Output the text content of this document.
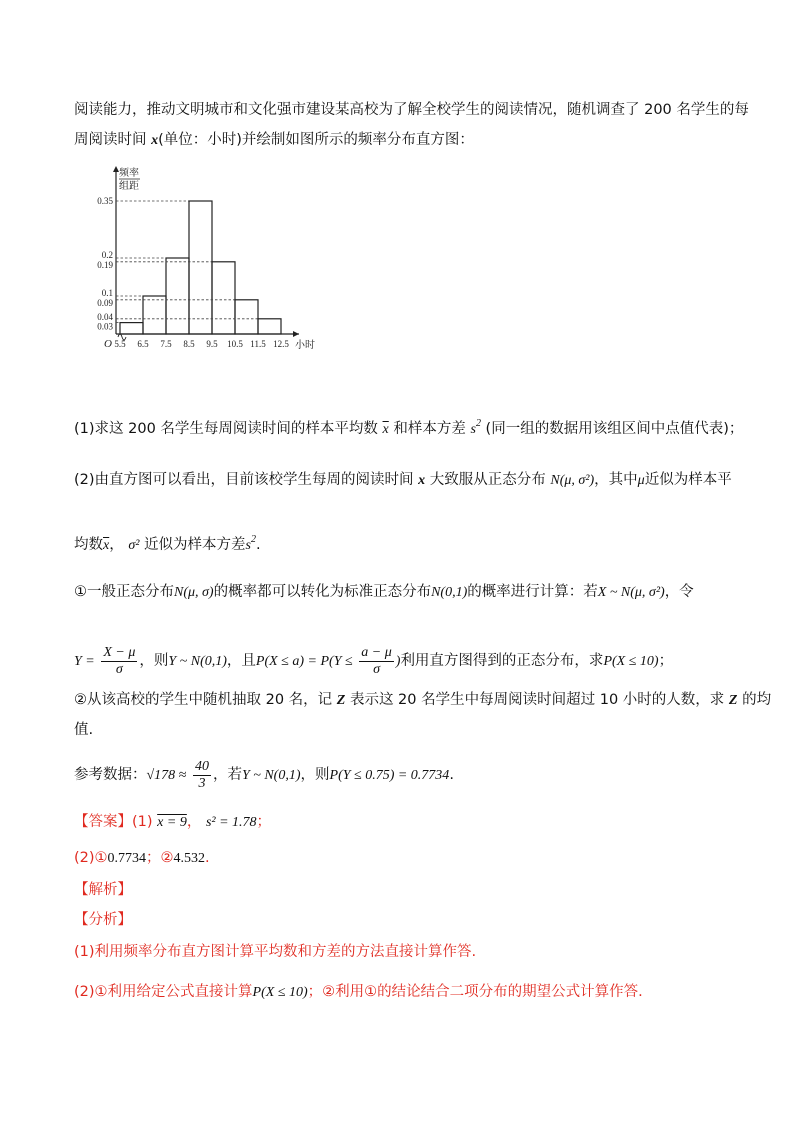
阅读能力，推动文明城市和文化强市建设某高校为了解全校学生的阅读情况，随机调查了 200 名学生的每
周阅读时间 x(单位：小时)并绘制如图所示的频率分布直方图：
频率
组距
O
0.35
0.2
0.19
0.1
0.09
0.04
0.03
5.5 6.5 7.5 8.5 9.5 10.5 11.5 12.5 小时
(1)求这 200 名学生每周阅读时间的样本平均数 $\overline{x}$ 和样本方差 $s^2$ (同一组的数据用该组区间中点值代表)；
(2)由直方图可以看出，目前该校学生每周的阅读时间 x 大致服从正态分布 N(μ, σ²)，其中μ近似为样本平
均数$\overline{x}$， σ² 近似为样本方差$s^2$.
①一般正态分布N(μ, σ)的概率都可以转化为标准正态分布N(0,1)的概率进行计算：若X ~ N(μ, σ²)，令
$Y = \frac{X - \mu}{\sigma}$ ，则Y ~ N(0,1)，且$P(X \le a) = P(Y \le \frac{a - \mu}{\sigma}$ )利用直方图得到的正态分布，求P(X ≤ 10)；
②从该高校的学生中随机抽取 20 名，记 Z 表示这 20 名学生中每周阅读时间超过 10 小时的人数，求 Z 的均
值.
参考数据：$√178 \approx \frac{40}{3}$ ，若Y ~ N(0,1)，则P(Y ≤ 0.75) = 0.7734.
【答案】(1) x = 9， s² = 1.78；
(2)①0.7734；②4.532.
【解析】
【分析】
(1)利用频率分布直方图计算平均数和方差的方法直接计算作答.
(2)①利用给定公式直接计算P(X ≤ 10)；②利用①的结论结合二项分布的期望公式计算作答.
